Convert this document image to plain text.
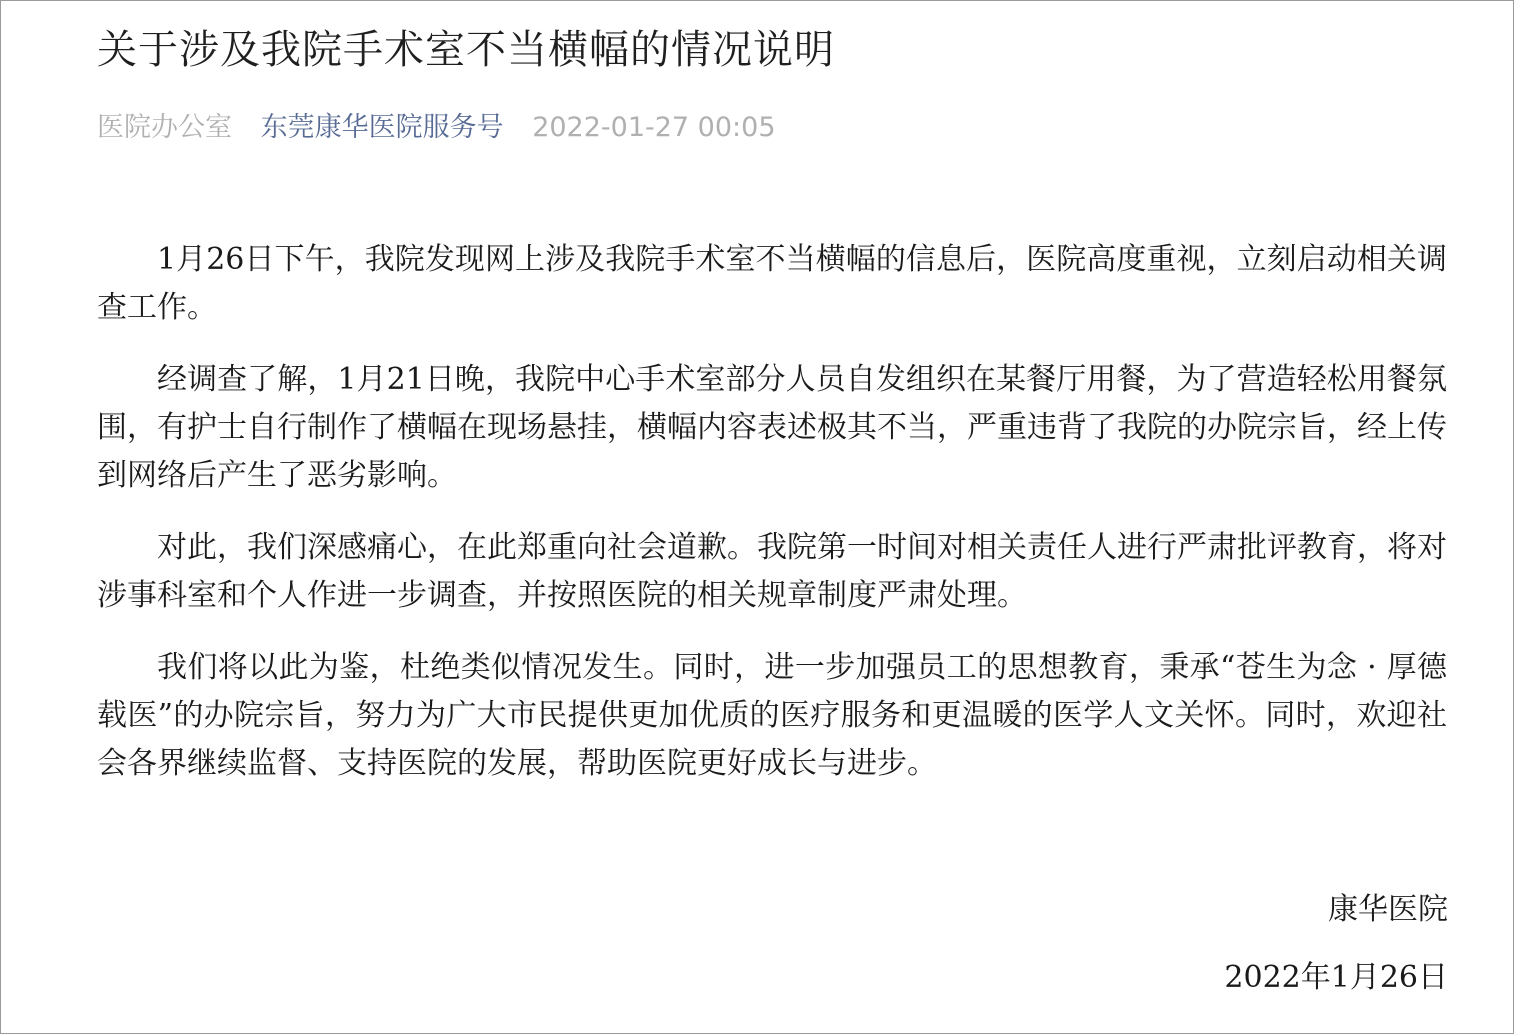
关于涉及我院手术室不当横幅的情况说明
医院办公室 东莞康华医院服务号 2022-01-27 00:05

1月26日下午，我院发现网上涉及我院手术室不当横幅的信息后，医院高度重视，立刻启动相关调查工作。

经调查了解，1月21日晚，我院中心手术室部分人员自发组织在某餐厅用餐，为了营造轻松用餐氛围，有护士自行制作了横幅在现场悬挂，横幅内容表述极其不当，严重违背了我院的办院宗旨，经上传到网络后产生了恶劣影响。

对此，我们深感痛心，在此郑重向社会道歉。我院第一时间对相关责任人进行严肃批评教育，将对涉事科室和个人作进一步调查，并按照医院的相关规章制度严肃处理。

我们将以此为鉴，杜绝类似情况发生。同时，进一步加强员工的思想教育，秉承“苍生为念 · 厚德载医”的办院宗旨，努力为广大市民提供更加优质的医疗服务和更温暖的医学人文关怀。同时，欢迎社会各界继续监督、支持医院的发展，帮助医院更好成长与进步。

康华医院
2022年1月26日
